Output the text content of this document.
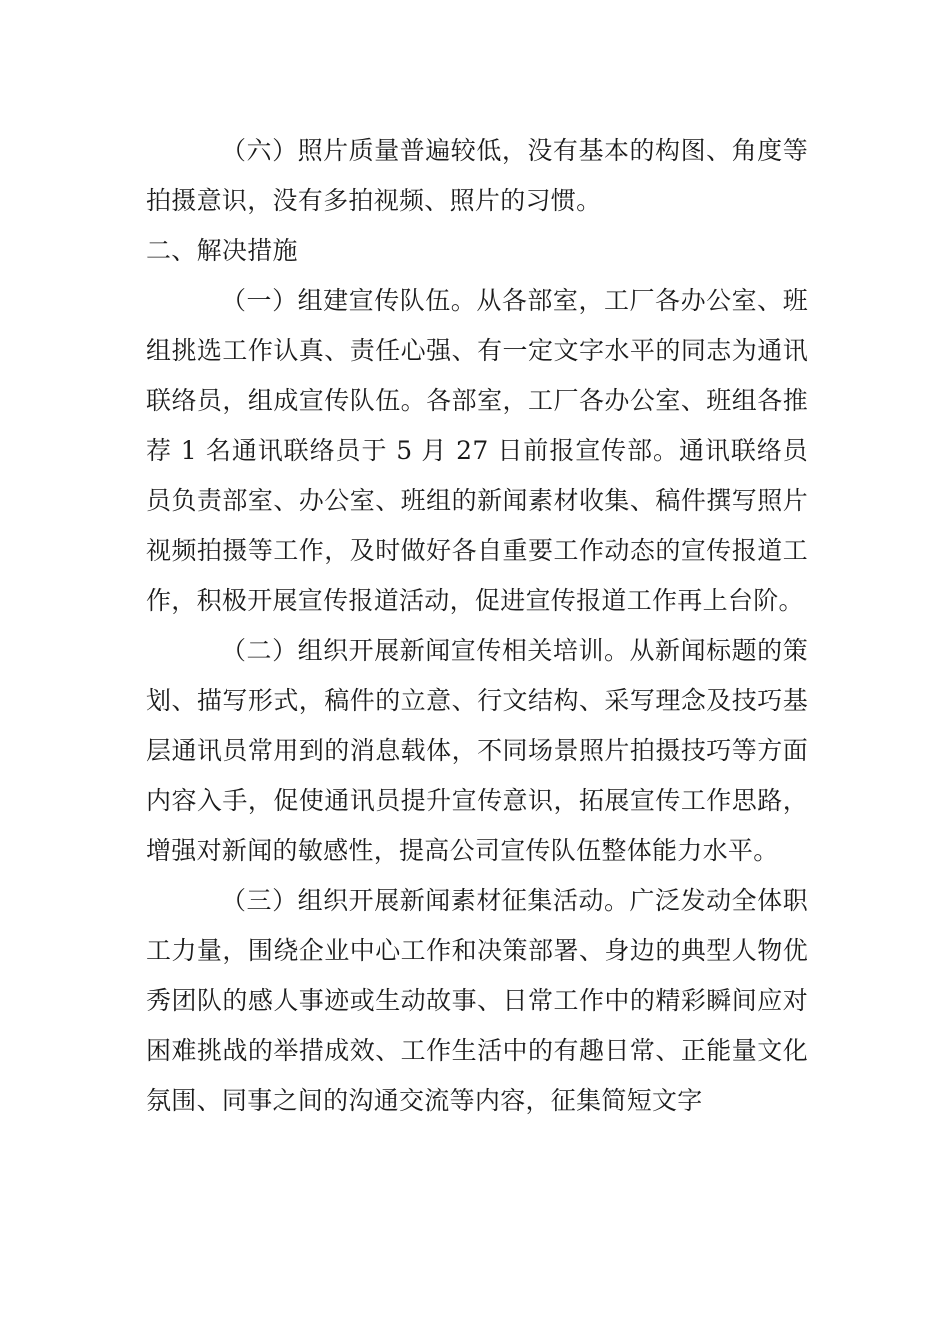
（六）照片质量普遍较低，没有基本的构图、角度等拍摄意识，没有多拍视频、照片的习惯。

二、解决措施

（一）组建宣传队伍。从各部室，工厂各办公室、班组挑选工作认真、责任心强、有一定文字水平的同志为通讯联络员，组成宣传队伍。各部室，工厂各办公室、班组各推荐 1 名通讯联络员于 5 月 27 日前报宣传部。通讯联络员员负责部室、办公室、班组的新闻素材收集、稿件撰写照片视频拍摄等工作，及时做好各自重要工作动态的宣传报道工作，积极开展宣传报道活动，促进宣传报道工作再上台阶。

（二）组织开展新闻宣传相关培训。从新闻标题的策划、描写形式，稿件的立意、行文结构、采写理念及技巧基层通讯员常用到的消息载体，不同场景照片拍摄技巧等方面内容入手，促使通讯员提升宣传意识，拓展宣传工作思路，增强对新闻的敏感性，提高公司宣传队伍整体能力水平。

（三）组织开展新闻素材征集活动。广泛发动全体职工力量，围绕企业中心工作和决策部署、身边的典型人物优秀团队的感人事迹或生动故事、日常工作中的精彩瞬间应对困难挑战的举措成效、工作生活中的有趣日常、正能量文化氛围、同事之间的沟通交流等内容，征集简短文字
